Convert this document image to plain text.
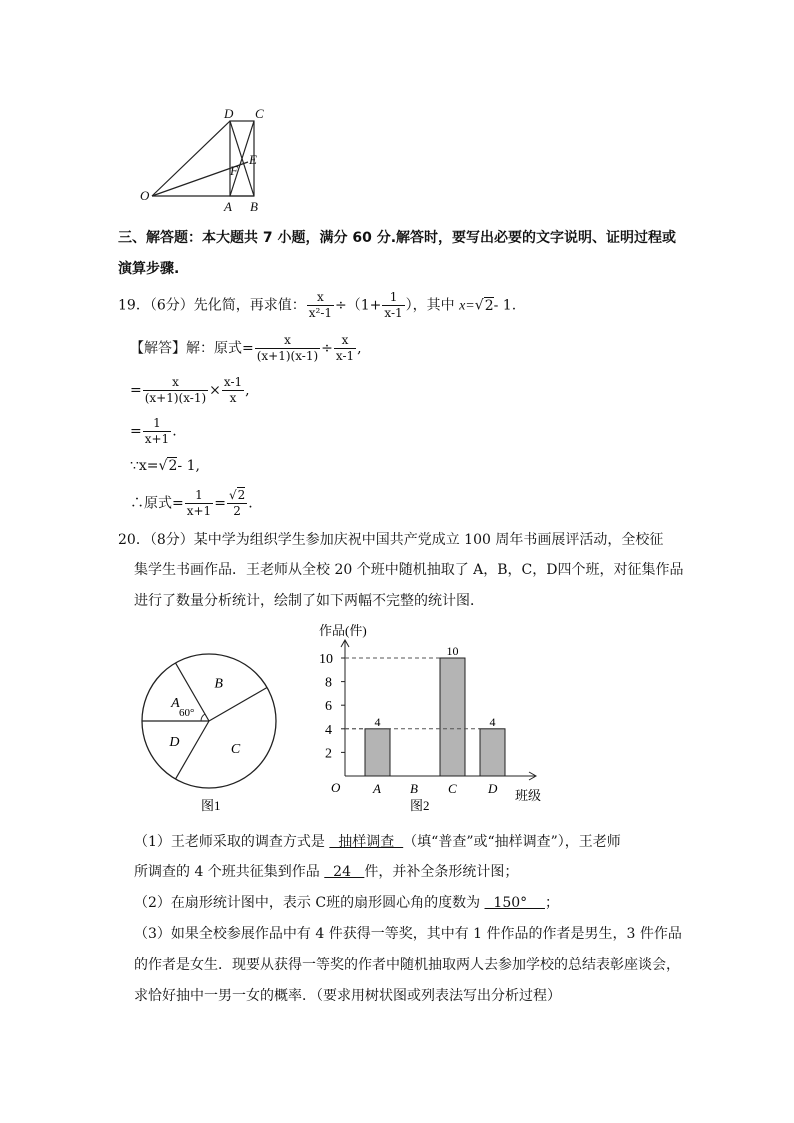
D C
E
F
O
A B
三、解答题：本大题共 7 小题，满分 60 分.解答时，要写出必要的文字说明、证明过程或
演算步骤.
19．（6分）先化简，再求值： $\frac{x}{\text{x²-1}} \div(1+ \frac{1}{x-1}$ ），其中 x=√2- 1.
【解答】解：原式= $\frac{x}{(x+1)(x-1)} \div \frac{x}{x-1}$ ,
= $\frac{x}{(x+1)(x-1)} \times \frac{x-1}{x}$ ,
= $\frac{1}{x+1}$ .
∵x=√2- 1,
∴原式= $\frac{1}{x+1} = \frac{√2}{2}$ .
20．（8分）某中学为组织学生参加庆祝中国共产党成立 100 周年书画展评活动，全校征
集学生书画作品．王老师从全校 20 个班中随机抽取了 A，B，C，D四个班，对征集作品
进行了数量分析统计，绘制了如下两幅不完整的统计图．
A
B
C
D
60°
图1
作品(件)
班级
O
2
4
6
8
10
A
4
B C
10
D
4
图2
（1）王老师采取的调查方式是   抽样调查  （填“普查”或“抽样调查”），王老师
所调查的 4 个班共征集到作品   24   件，并补全条形统计图；
（2）在扇形统计图中，表示 C班的扇形圆心角的度数为   150°    ；
（3）如果全校参展作品中有 4 件获得一等奖，其中有 1 件作品的作者是男生，3 件作品
的作者是女生．现要从获得一等奖的作者中随机抽取两人去参加学校的总结表彰座谈会，
求恰好抽中一男一女的概率．（要求用树状图或列表法写出分析过程）
